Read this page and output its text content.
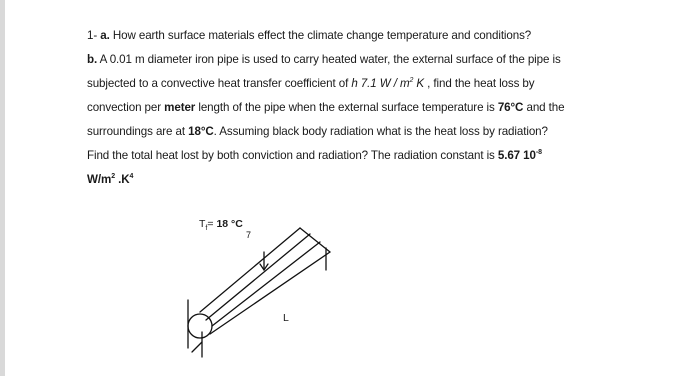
1- a. How earth surface materials effect the climate change temperature and conditions?
b. A 0.01 m diameter iron pipe is used to carry heated water, the external surface of the pipe is
subjected to a convective heat transfer coefficient of h 7.1 W / $m^2$ K , find the heat loss by
convection per meter length of the pipe when the external surface temperature is 76°C and the
surroundings are at 18°C. Assuming black body radiation what is the heat loss by radiation?
Find the total heat lost by both conviction and radiation? The radiation constant is 5.67 $10^{-8}$
$W/m^2$ $.K^4$
$T_f= 18$ °C
7
L
